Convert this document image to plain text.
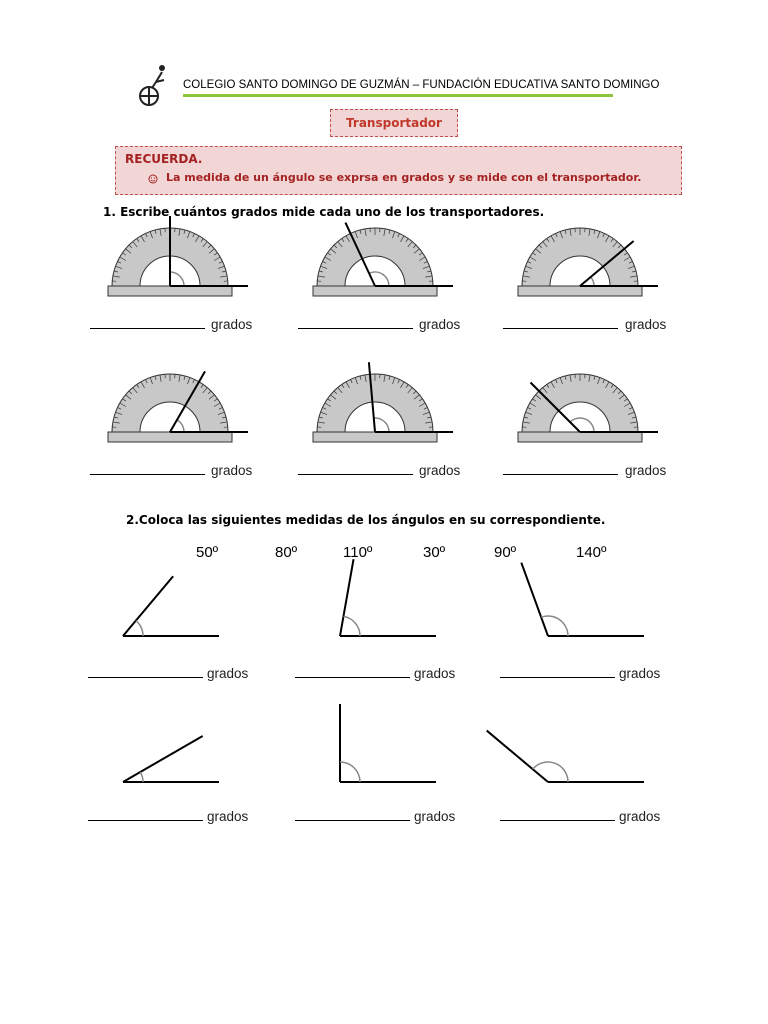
COLEGIO SANTO DOMINGO DE GUZMÁN – FUNDACIÓN EDUCATIVA SANTO DOMINGO
Transportador
RECUERDA.
La medida de un ángulo se exprsa en grados y se mide con el transportador.
1. Escribe cuántos grados mide cada uno de los transportadores.
grados	grados	grados
grados	grados	grados
2.Coloca las siguientes medidas de los ángulos en su correspondiente.
50º	80º	110º	30º	90º	140º
grados	grados	grados
grados	grados	grados
